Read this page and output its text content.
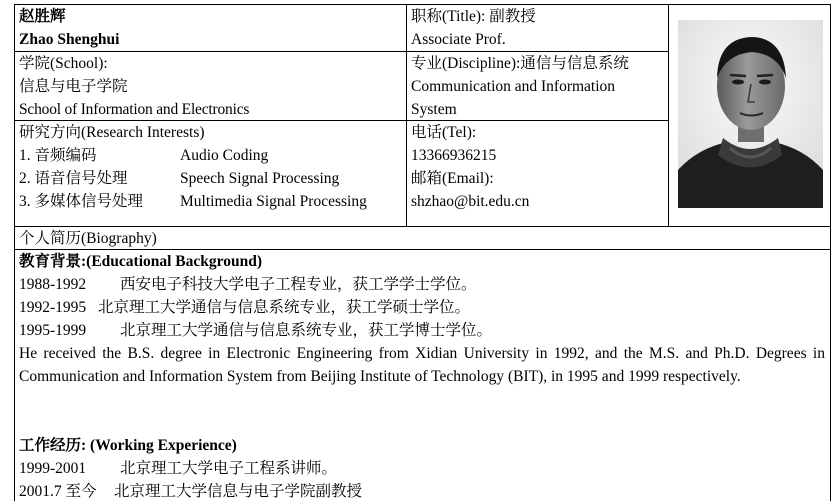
赵胜辉
Zhao Shenghui
职称(Title): 副教授
Associate Prof.
学院(School):
信息与电子学院
School of Information and Electronics
专业(Discipline):通信与信息系统
Communication and Information
System
研究方向(Research Interests)
1. 音频编码	Audio Coding
2. 语音信号处理	Speech Signal Processing
3. 多媒体信号处理 Multimedia Signal Processing
电话(Tel):
13366936215
邮箱(Email):
shzhao@bit.edu.cn
个人简历(Biography)
教育背景:(Educational Background)
1988-1992 西安电子科技大学电子工程专业，获工学学士学位。
1992-1995 北京理工大学通信与信息系统专业，获工学硕士学位。
1995-1999 北京理工大学通信与信息系统专业，获工学博士学位。
He received the B.S. degree in Electronic Engineering from Xidian University in 1992, and the M.S. and Ph.D. Degrees in Communication and Information System from Beijing Institute of Technology (BIT), in 1995 and 1999 respectively.
工作经历: (Working Experience)
1999-2001 北京理工大学电子工程系讲师。
2001.7 至今 北京理工大学信息与电子学院副教授
